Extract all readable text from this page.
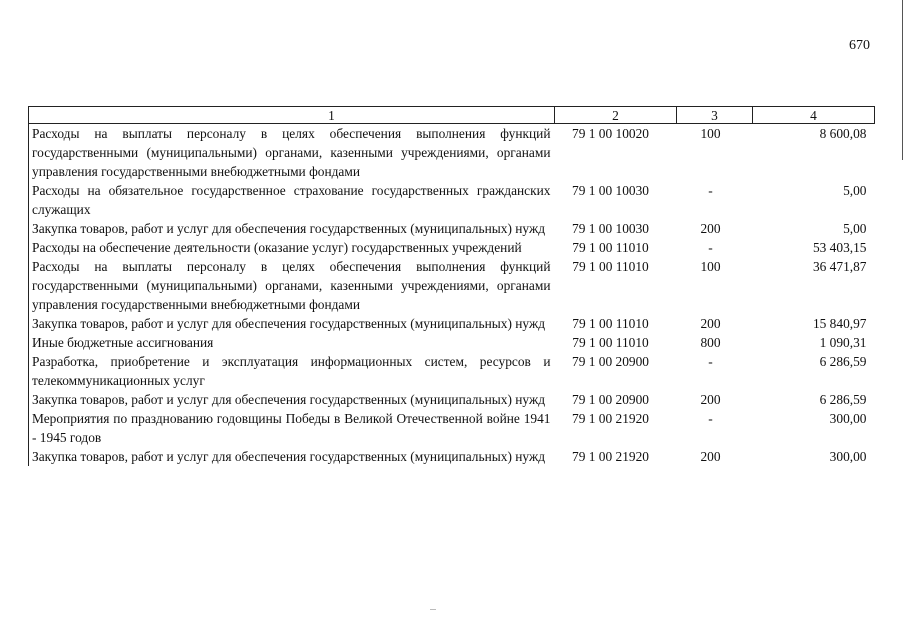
670
1	2	3	4
Расходы на выплаты персоналу в целях обеспечения выполнения функций государственными (муниципальными) органами, казенными учреждениями, органами управления государственными внебюджетными фондами	79 1 00 10020	100	8 600,08
Расходы на обязательное государственное страхование государственных гражданских служащих	79 1 00 10030	-	5,00
Закупка товаров, работ и услуг для обеспечения государственных (муниципальных) нужд	79 1 00 10030	200	5,00
Расходы на обеспечение деятельности (оказание услуг) государственных учреждений	79 1 00 11010	-	53 403,15
Расходы на выплаты персоналу в целях обеспечения выполнения функций государственными (муниципальными) органами, казенными учреждениями, органами управления государственными внебюджетными фондами	79 1 00 11010	100	36 471,87
Закупка товаров, работ и услуг для обеспечения государственных (муниципальных) нужд	79 1 00 11010	200	15 840,97
Иные бюджетные ассигнования	79 1 00 11010	800	1 090,31
Разработка, приобретение и эксплуатация информационных систем, ресурсов и телекоммуникационных услуг	79 1 00 20900	-	6 286,59
Закупка товаров, работ и услуг для обеспечения государственных (муниципальных) нужд	79 1 00 20900	200	6 286,59
Мероприятия по празднованию годовщины Победы в Великой Отечественной войне 1941 - 1945 годов	79 1 00 21920	-	300,00
Закупка товаров, работ и услуг для обеспечения государственных (муниципальных) нужд	79 1 00 21920	200	300,00
